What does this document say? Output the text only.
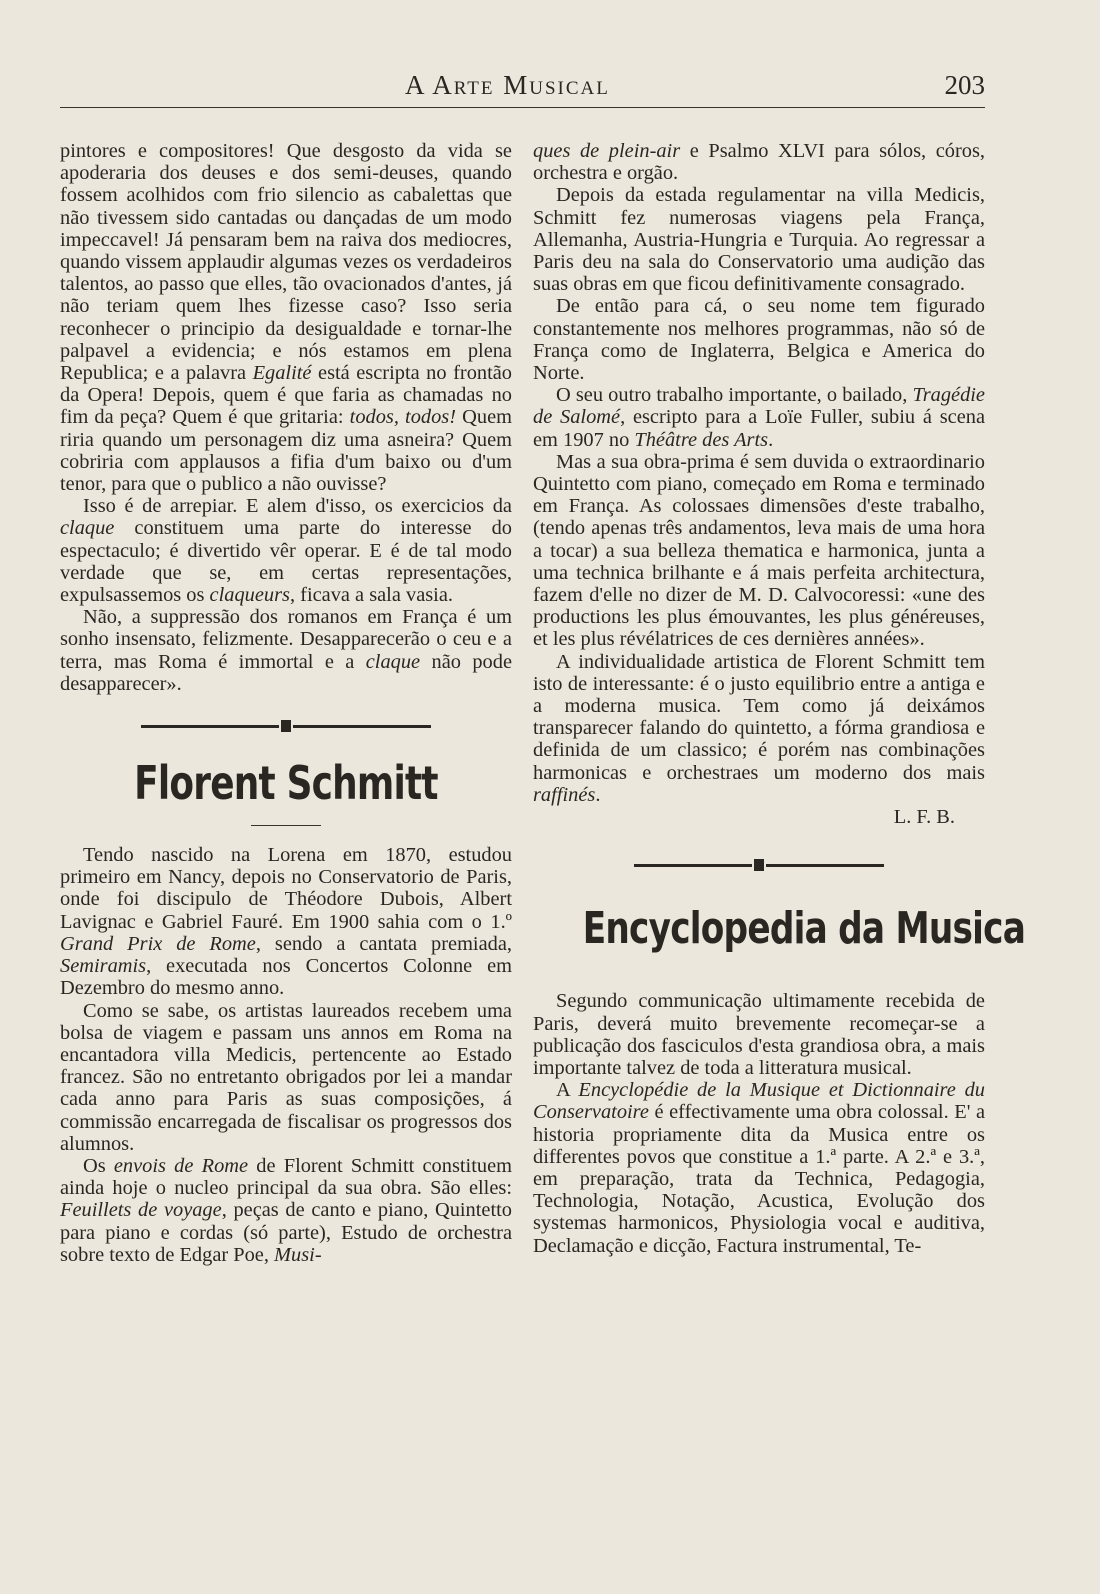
A Arte Musical	203

pintores e compositores! Que desgosto da vida se apoderaria dos deuses e dos semi-deuses, quando fossem acolhidos com frio silencio as cabalettas que não tivessem sido cantadas ou dançadas de um modo impeccavel! Já pensaram bem na raiva dos mediocres, quando vissem applaudir algumas vezes os verdadeiros talentos, ao passo que elles, tão ovacionados d'antes, já não teriam quem lhes fizesse caso? Isso seria reconhecer o principio da desigualdade e tornar-lhe palpavel a evidencia; e nós estamos em plena Republica; e a palavra Egalité está escripta no frontão da Opera! Depois, quem é que faria as chamadas no fim da peça? Quem é que gritaria: todos, todos! Quem riria quando um personagem diz uma asneira? Quem cobriria com applausos a fifia d'um baixo ou d'um tenor, para que o publico a não ouvisse?

Isso é de arrepiar. E alem d'isso, os exercicios da claque constituem uma parte do interesse do espectaculo; é divertido vêr operar. E é de tal modo verdade que se, em certas representações, expulsassemos os claqueurs, ficava a sala vasia.

Não, a suppressão dos romanos em França é um sonho insensato, felizmente. Desapparecerão o ceu e a terra, mas Roma é immortal e a claque não pode desapparecer».

Florent Schmitt

Tendo nascido na Lorena em 1870, estudou primeiro em Nancy, depois no Conservatorio de Paris, onde foi discipulo de Théodore Dubois, Albert Lavignac e Gabriel Fauré. Em 1900 sahia com o 1.º Grand Prix de Rome, sendo a cantata premiada, Semiramis, executada nos Concertos Colonne em Dezembro do mesmo anno.

Como se sabe, os artistas laureados recebem uma bolsa de viagem e passam uns annos em Roma na encantadora villa Medicis, pertencente ao Estado francez. São no entretanto obrigados por lei a mandar cada anno para Paris as suas composições, á commissão encarregada de fiscalisar os progressos dos alumnos.

Os envois de Rome de Florent Schmitt constituem ainda hoje o nucleo principal da sua obra. São elles: Feuillets de voyage, peças de canto e piano, Quintetto para piano e cordas (só parte), Estudo de orchestra sobre texto de Edgar Poe, Musi-

ques de plein-air e Psalmo XLVI para sólos, córos, orchestra e orgão.

Depois da estada regulamentar na villa Medicis, Schmitt fez numerosas viagens pela França, Allemanha, Austria-Hungria e Turquia. Ao regressar a Paris deu na sala do Conservatorio uma audição das suas obras em que ficou definitivamente consagrado.

De então para cá, o seu nome tem figurado constantemente nos melhores programmas, não só de França como de Inglaterra, Belgica e America do Norte.

O seu outro trabalho importante, o bailado, Tragédie de Salomé, escripto para a Loïe Fuller, subiu á scena em 1907 no Théâtre des Arts.

Mas a sua obra-prima é sem duvida o extraordinario Quintetto com piano, começado em Roma e terminado em França. As colossaes dimensões d'este trabalho, (tendo apenas três andamentos, leva mais de uma hora a tocar) a sua belleza thematica e harmonica, junta a uma technica brilhante e á mais perfeita architectura, fazem d'elle no dizer de M. D. Calvocoressi: «une des productions les plus émouvantes, les plus généreuses, et les plus révélatrices de ces dernières années».

A individualidade artistica de Florent Schmitt tem isto de interessante: é o justo equilibrio entre a antiga e a moderna musica. Tem como já deixámos transparecer falando do quintetto, a fórma grandiosa e definida de um classico; é porém nas combinações harmonicas e orchestraes um moderno dos mais raffinés.

L. F. B.

Encyclopedia da Musica

Segundo communicação ultimamente recebida de Paris, deverá muito brevemente recomeçar-se a publicação dos fasciculos d'esta grandiosa obra, a mais importante talvez de toda a litteratura musical.

A Encyclopédie de la Musique et Dictionnaire du Conservatoire é effectivamente uma obra colossal. E' a historia propriamente dita da Musica entre os differentes povos que constitue a 1.ª parte. A 2.ª e 3.ª, em preparação, trata da Technica, Pedagogia, Technologia, Notação, Acustica, Evolução dos systemas harmonicos, Physiologia vocal e auditiva, Declamação e dicção, Factura instrumental, Te-
